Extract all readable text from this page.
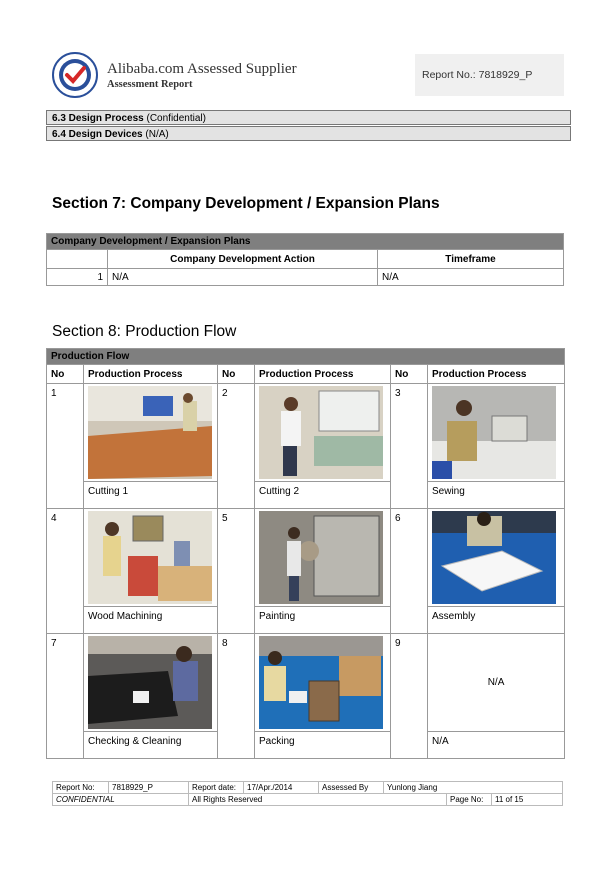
Alibaba.com Assessed Supplier
Assessment Report
Report No.: 7818929_P
6.3 Design Process (Confidential)
6.4 Design Devices (N/A)
Section 7: Company Development / Expansion Plans
Company Development / Expansion Plans		
	Company Development Action	Timeframe
1	N/A	N/A
Section 8: Production Flow
Production Flow					
No	Production Process	No	Production Process	No	Production Process
1		2		3	

	Cutting 1		Cutting 2		Sewing
4		5		6	

	Wood Machining		Painting		Assembly
7		8		9	N/A
	Checking & Cleaning		Packing		N/A
Report No:	7818929_P	Report date:	17/Apr./2014	Assessed By	Yunlong Jiang		
CONFIDENTIAL		All Rights Reserved				Page No:	11 of 15
